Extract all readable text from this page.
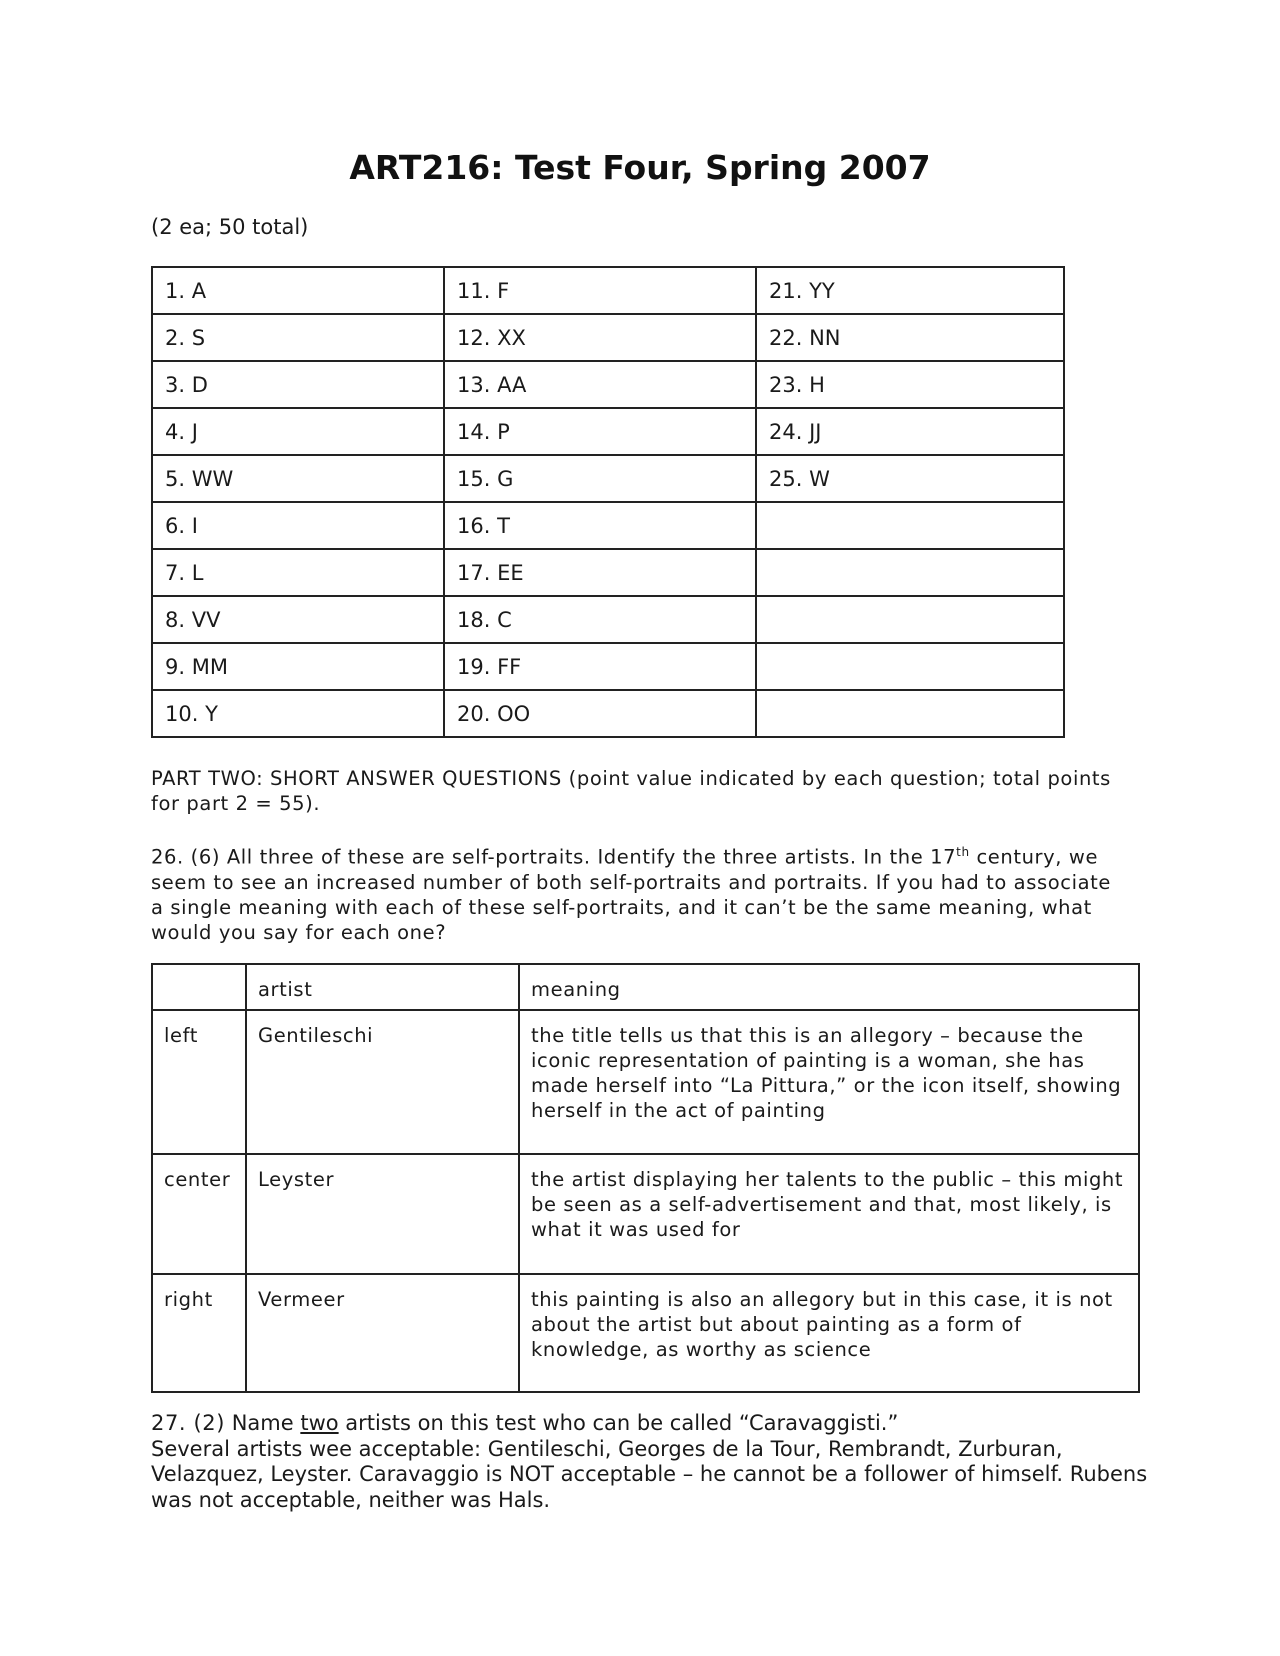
ART216: Test Four, Spring 2007
(2 ea; 50 total)
1. A	11. F	21. YY
2. S	12. XX	22. NN
3. D	13. AA	23. H
4. J	14. P	24. JJ
5. WW	15. G	25. W
6. I	16. T	
7. L	17. EE	
8. VV	18. C	
9. MM	19. FF	
10. Y	20. OO	

PART TWO: SHORT ANSWER QUESTIONS (point value indicated by each question; total points for part 2 = 55).

26. (6) All three of these are self-portraits. Identify the three artists. In the 17th century, we seem to see an increased number of both self-portraits and portraits. If you had to associate a single meaning with each of these self-portraits, and it can’t be the same meaning, what would you say for each one?

	artist	meaning
left	Gentileschi	the title tells us that this is an allegory – because the iconic representation of painting is a woman, she has made herself into “La Pittura,” or the icon itself, showing herself in the act of painting
center	Leyster	the artist displaying her talents to the public – this might be seen as a self-advertisement and that, most likely, is what it was used for
right	Vermeer	this painting is also an allegory but in this case, it is not about the artist but about painting as a form of knowledge, as worthy as science
27. (2) Name two artists on this test who can be called “Caravaggisti.”
Several artists wee acceptable: Gentileschi, Georges de la Tour, Rembrandt, Zurburan, Velazquez, Leyster. Caravaggio is NOT acceptable – he cannot be a follower of himself. Rubens was not acceptable, neither was Hals.
